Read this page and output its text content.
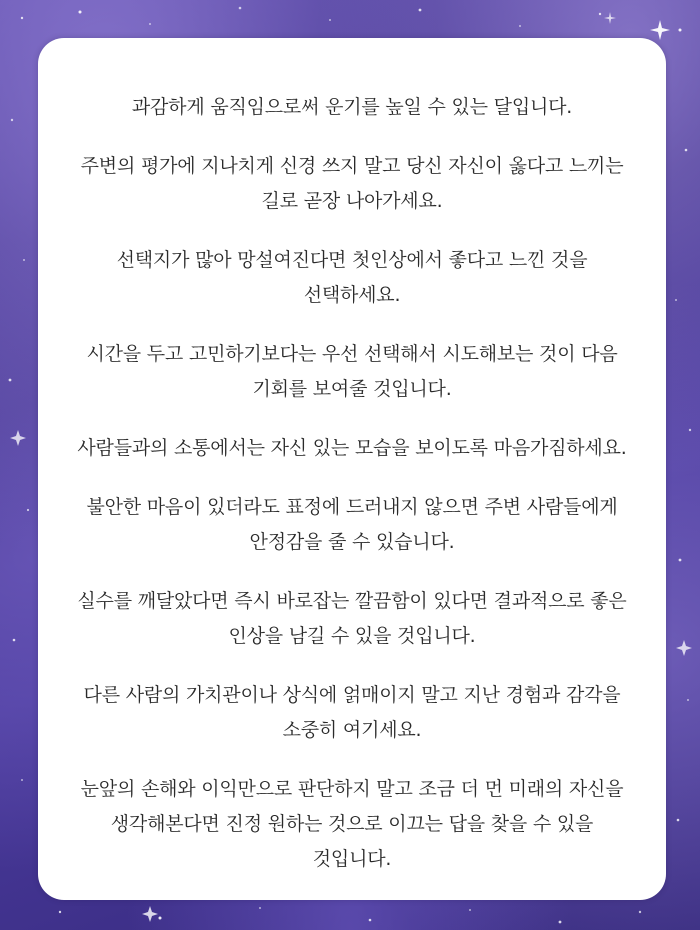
과감하게 움직임으로써 운기를 높일 수 있는 달입니다.

주변의 평가에 지나치게 신경 쓰지 말고 당신 자신이 옳다고 느끼는
길로 곧장 나아가세요.

선택지가 많아 망설여진다면 첫인상에서 좋다고 느낀 것을
선택하세요.

시간을 두고 고민하기보다는 우선 선택해서 시도해보는 것이 다음
기회를 보여줄 것입니다.

사람들과의 소통에서는 자신 있는 모습을 보이도록 마음가짐하세요.

불안한 마음이 있더라도 표정에 드러내지 않으면 주변 사람들에게
안정감을 줄 수 있습니다.

실수를 깨달았다면 즉시 바로잡는 깔끔함이 있다면 결과적으로 좋은
인상을 남길 수 있을 것입니다.

다른 사람의 가치관이나 상식에 얽매이지 말고 지난 경험과 감각을
소중히 여기세요.

눈앞의 손해와 이익만으로 판단하지 말고 조금 더 먼 미래의 자신을
생각해본다면 진정 원하는 것으로 이끄는 답을 찾을 수 있을
것입니다.
